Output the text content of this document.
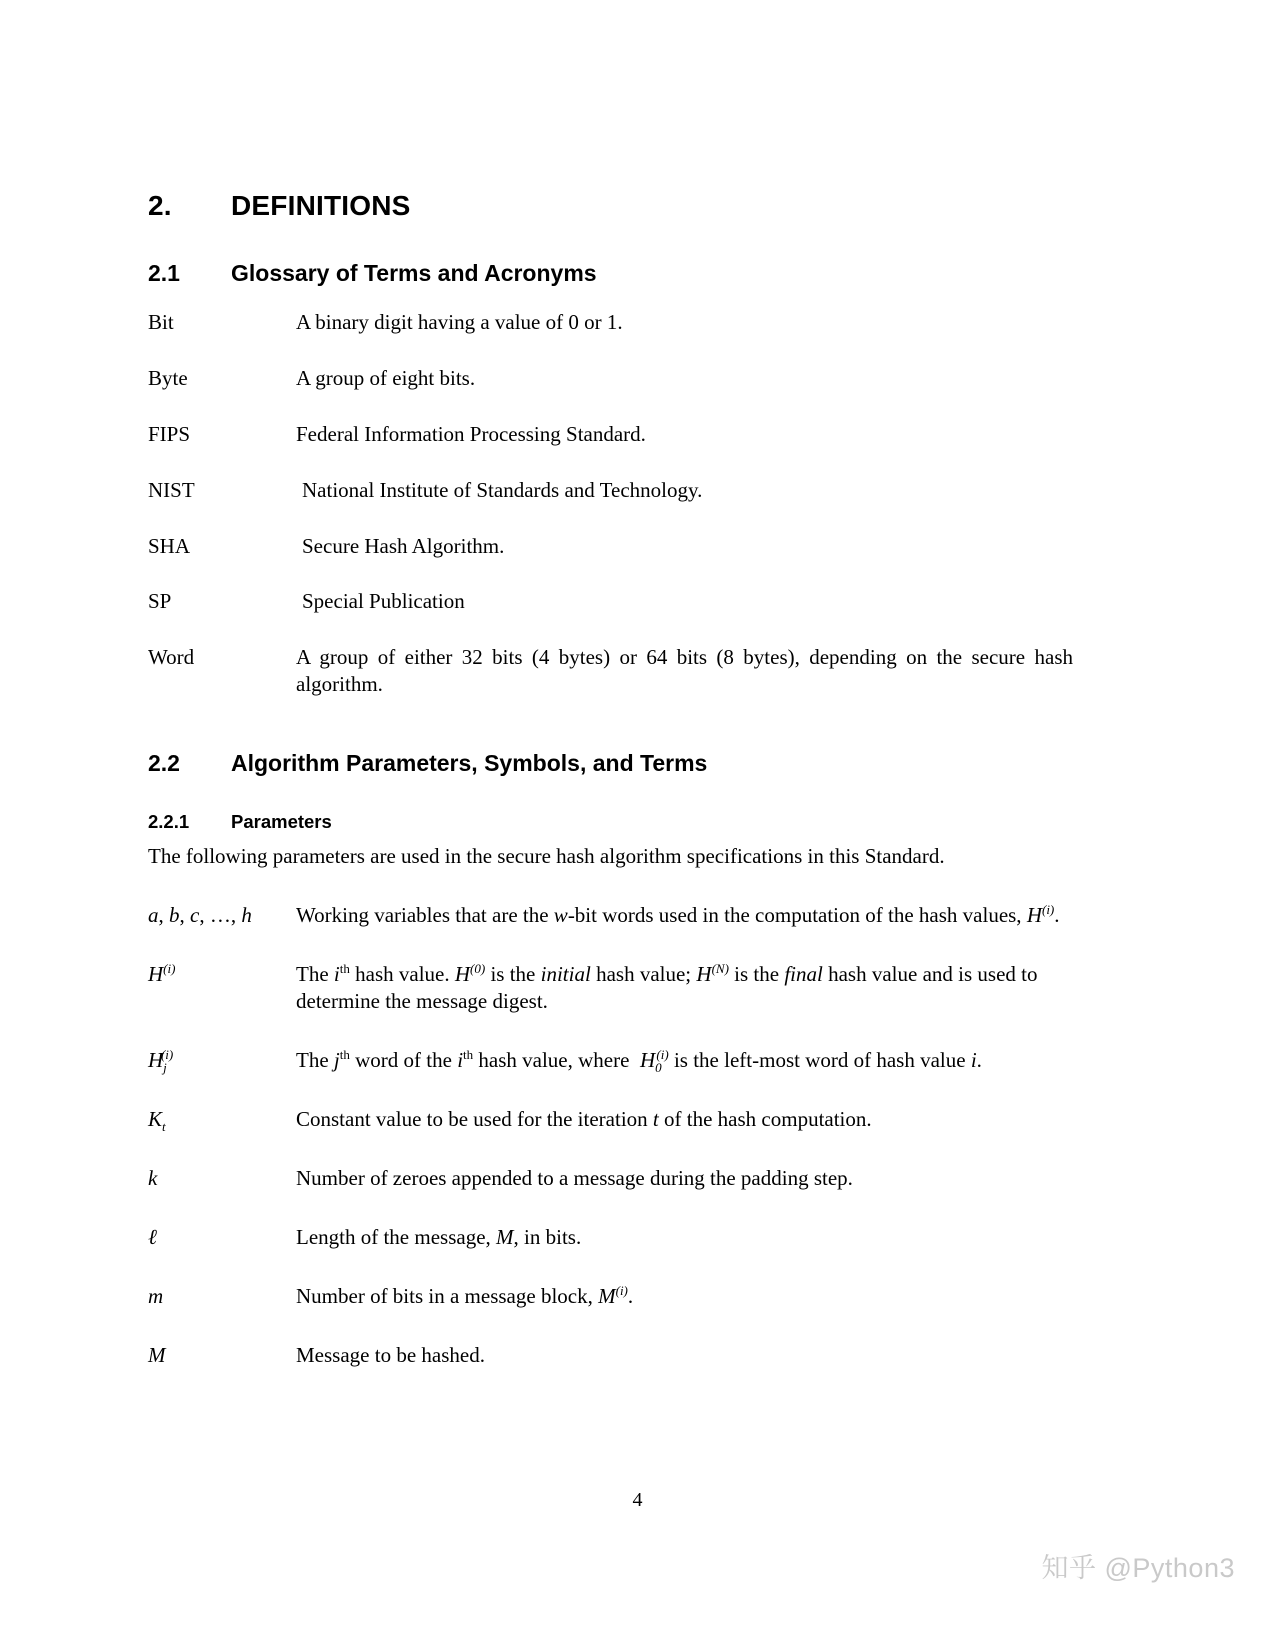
2.	DEFINITIONS
2.1	Glossary of Terms and Acronyms
Bit	A binary digit having a value of 0 or 1.
Byte	A group of eight bits.
FIPS	Federal Information Processing Standard.
NIST	National Institute of Standards and Technology.
SHA	Secure Hash Algorithm.
SP	Special Publication
Word	A group of either 32 bits (4 bytes) or 64 bits (8 bytes), depending on the secure hash algorithm.
2.2	Algorithm Parameters, Symbols, and Terms
2.2.1	Parameters
The following parameters are used in the secure hash algorithm specifications in this Standard.
a, b, c, …, h	Working variables that are the w-bit words used in the computation of the hash values, $H^{(i)}$.
$H^{(i)}$	The $i^{th}$ hash value. $H^{(0)}$ is the initial hash value; $H^{(N)}$ is the final hash value and is used to determine the message digest.
$H_j^{(i)}$	The $j^{th}$ word of the $i^{th}$ hash value, where  $H_0^{(i)}$ is the left-most word of hash value i.
$K_t$	Constant value to be used for the iteration t of the hash computation.
k	Number of zeroes appended to a message during the padding step.
ℓ	Length of the message, M, in bits.
m	Number of bits in a message block, $M^{(i)}$.
M	Message to be hashed.
4
知乎 @Python3
